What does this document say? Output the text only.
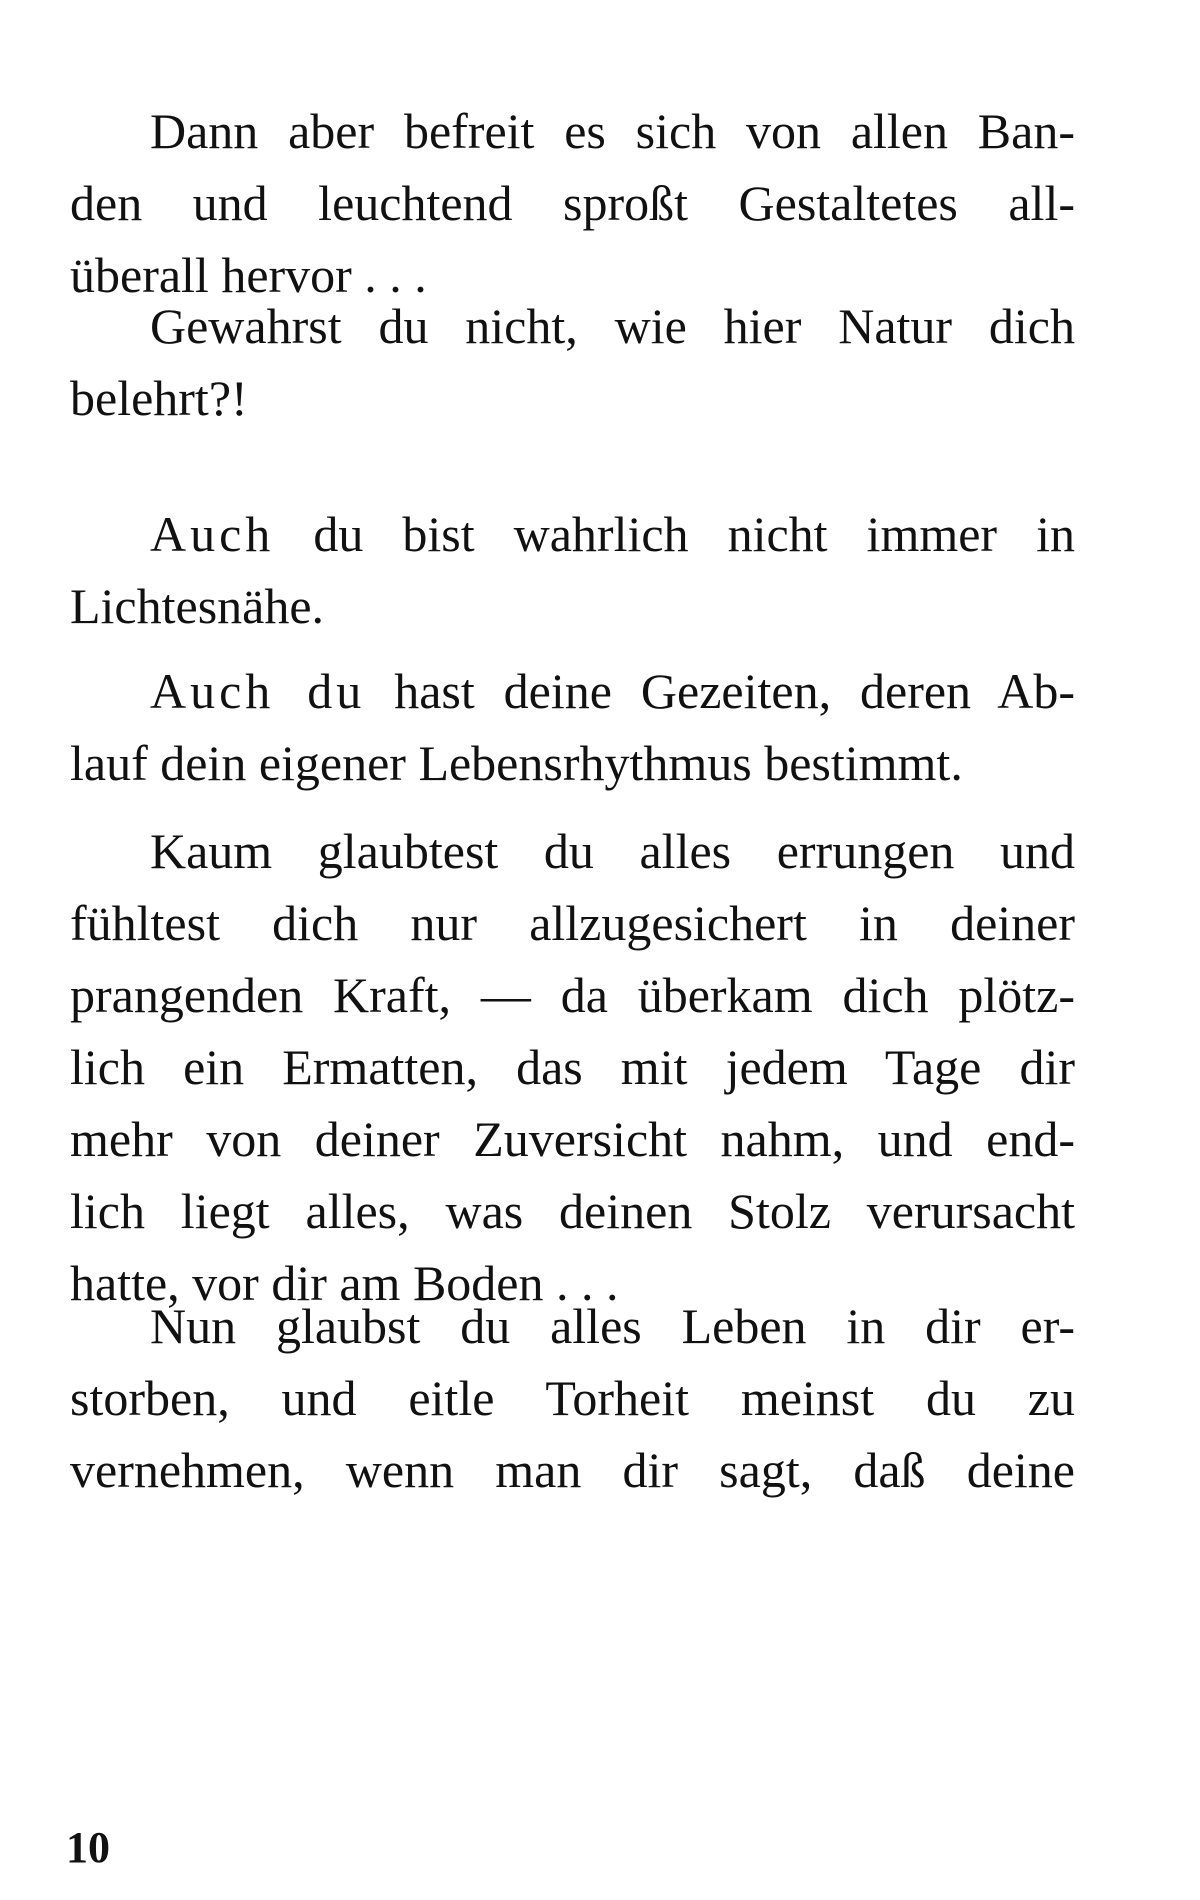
Dann aber befreit es sich von allen Ban-
den und leuchtend sproßt Gestaltetes all-
überall hervor . . .
Gewahrst du nicht, wie hier Natur dich
belehrt?!
Auch du bist wahrlich nicht immer in
Lichtesnähe.
Auch du hast deine Gezeiten, deren Ab-
lauf dein eigener Lebensrhythmus bestimmt.
Kaum glaubtest du alles errungen und
fühltest dich nur allzugesichert in deiner
prangenden Kraft, — da überkam dich plötz-
lich ein Ermatten, das mit jedem Tage dir
mehr von deiner Zuversicht nahm, und end-
lich liegt alles, was deinen Stolz verursacht
hatte, vor dir am Boden . . .
Nun glaubst du alles Leben in dir er-
storben, und eitle Torheit meinst du zu
vernehmen, wenn man dir sagt, daß deine
10
